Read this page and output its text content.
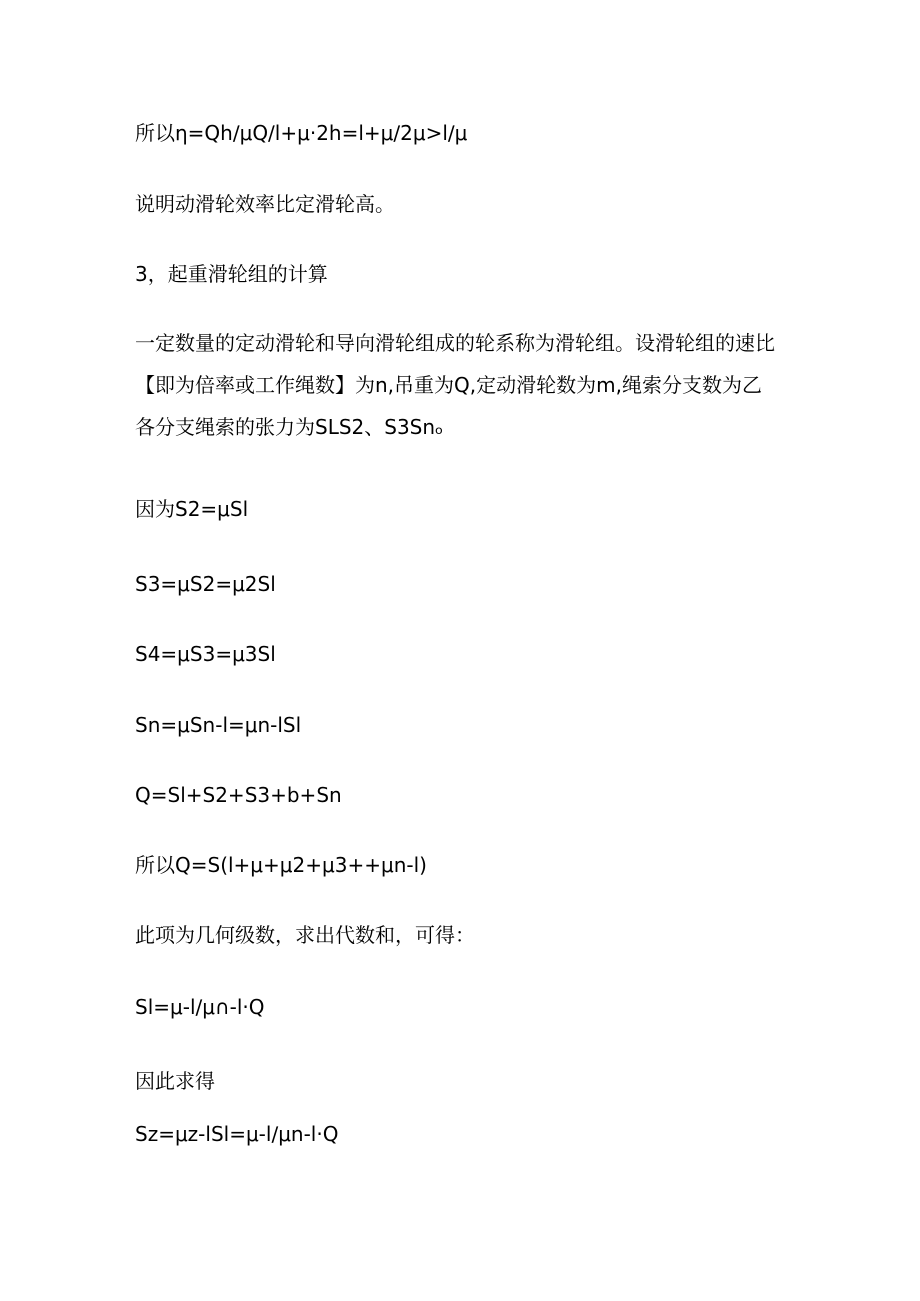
所以η=Qh∕μQ∕l+μ·2h=l+μ∕2μ>l∕μ
说明动滑轮效率比定滑轮高。
3，起重滑轮组的计算
一定数量的定动滑轮和导向滑轮组成的轮系称为滑轮组。设滑轮组的速比
【即为倍率或工作绳数】为n,吊重为Q,定动滑轮数为m,绳索分支数为乙
各分支绳索的张力为SLS2、S3Snₒ
因为S2=μSl
S3=μS2=μ2Sl
S4=μS3=μ3Sl
Sn=μSn-l=μn-lSl
Q=Sl+S2+S3+b+Sn
所以Q=S(l+μ+μ2+μ3++μn-l)
此项为几何级数，求出代数和，可得：
Sl=μ-l∕μ∩-l·Q
因此求得
Sz=μz-lSl=μ-l∕μn-l·Q
